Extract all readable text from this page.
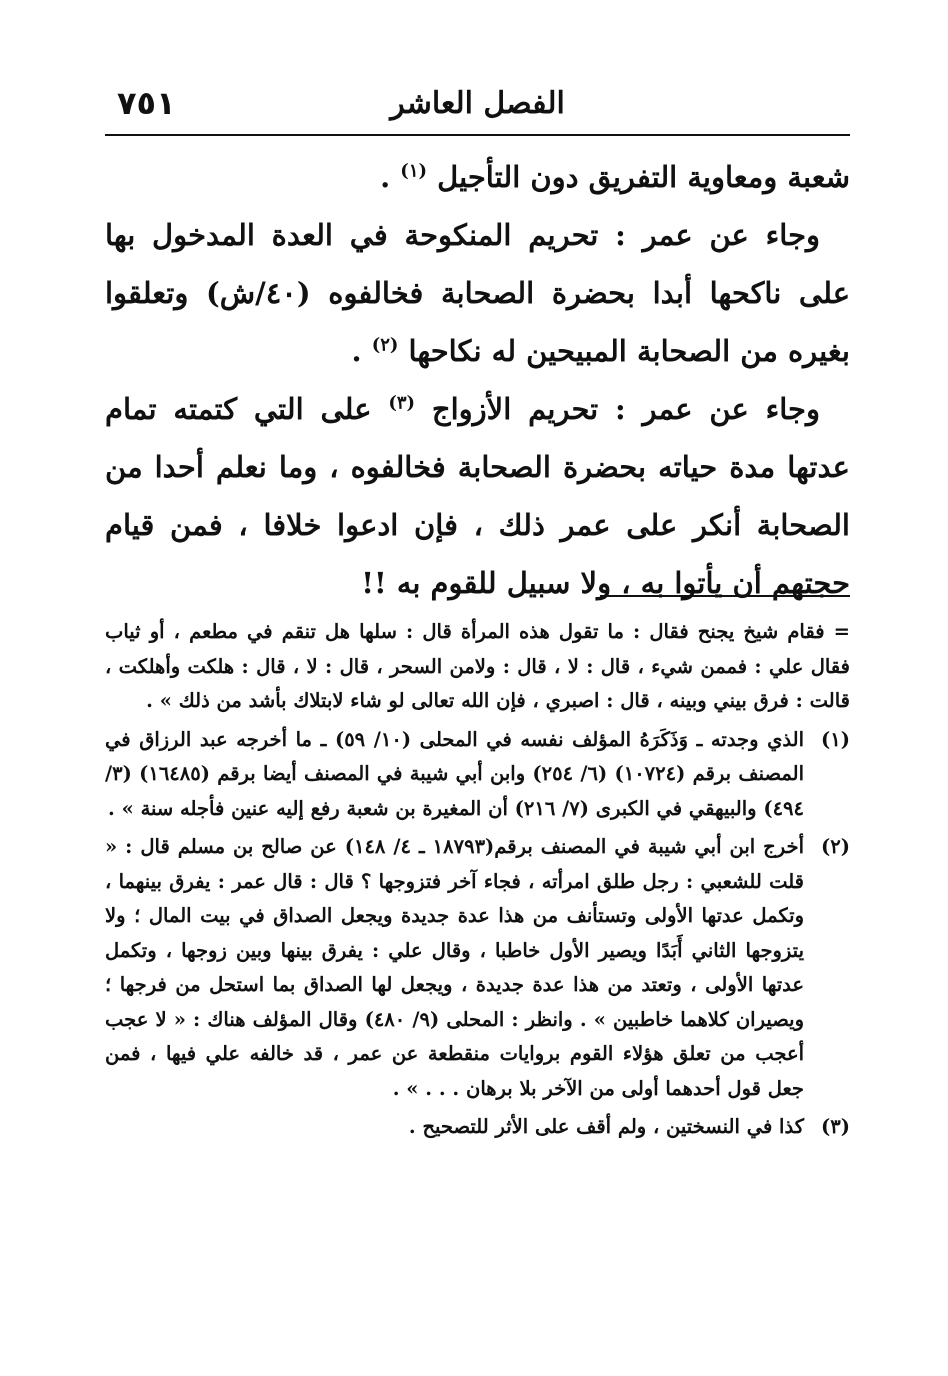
٧٥١	الفصل العاشر

شعبة ومعاوية التفريق دون التأجيل $^{(١)}$ .

وجاء عن عمر : تحريم المنكوحة في العدة المدخول بها على ناكحها أبدا بحضرة الصحابة فخالفوه (٤٠/ش) وتعلقوا بغيره من الصحابة المبيحين له نكاحها $^{(٢)}$ .

وجاء عن عمر : تحريم الأزواج $^{(٣)}$ على التي كتمته تمام عدتها مدة حياته بحضرة الصحابة فخالفوه ، وما نعلم أحدا من الصحابة أنكر على عمر ذلك ، فإن ادعوا خلافا ، فمن قيام حجتهم أن يأتوا به ، ولا سبيل للقوم به !!

= فقام شيخ يجنح فقال : ما تقول هذه المرأة قال : سلها هل تنقم في مطعم ، أو ثياب فقال علي : فممن شيء ، قال : لا ، قال : ولامن السحر ، قال : لا ، قال : هلكت وأهلكت ، قالت : فرق بيني وبينه ، قال : اصبري ، فإن الله تعالى لو شاء لابتلاك بأشد من ذلك » .

(١)
الذي وجدته ـ وَذَكَرَهُ المؤلف نفسه في المحلى (١٠/ ٥٩) ـ ما أخرجه عبد الرزاق في المصنف برقم (١٠٧٢٤) (٦/ ٢٥٤) وابن أبي شيبة في المصنف أيضا برقم (١٦٤٨٥) (٣/ ٤٩٤) والبيهقي في الكبرى (٧/ ٢١٦) أن المغيرة بن شعبة رفع إليه عنين فأجله سنة » .
(٢)
أخرج ابن أبي شيبة في المصنف برقم(١٨٧٩٣ ـ ٤/ ١٤٨) عن صالح بن مسلم قال : « قلت للشعبي : رجل طلق امرأته ، فجاء آخر فتزوجها ؟ قال : قال عمر : يفرق بينهما ، وتكمل عدتها الأولى وتستأنف من هذا عدة جديدة ويجعل الصداق في بيت المال ؛ ولا يتزوجها الثاني أَبَدًا ويصير الأول خاطبا ، وقال علي : يفرق بينها وبين زوجها ، وتكمل عدتها الأولى ، وتعتد من هذا عدة جديدة ، ويجعل لها الصداق بما استحل من فرجها ؛ ويصيران كلاهما خاطبين » . وانظر : المحلى (٩/ ٤٨٠) وقال المؤلف هناك : « لا عجب أعجب من تعلق هؤلاء القوم بروايات منقطعة عن عمر ، قد خالفه علي فيها ، فمن جعل قول أحدهما أولى من الآخر بلا برهان . . . » .
(٣)
كذا في النسختين ، ولم أقف على الأثر للتصحيح .
